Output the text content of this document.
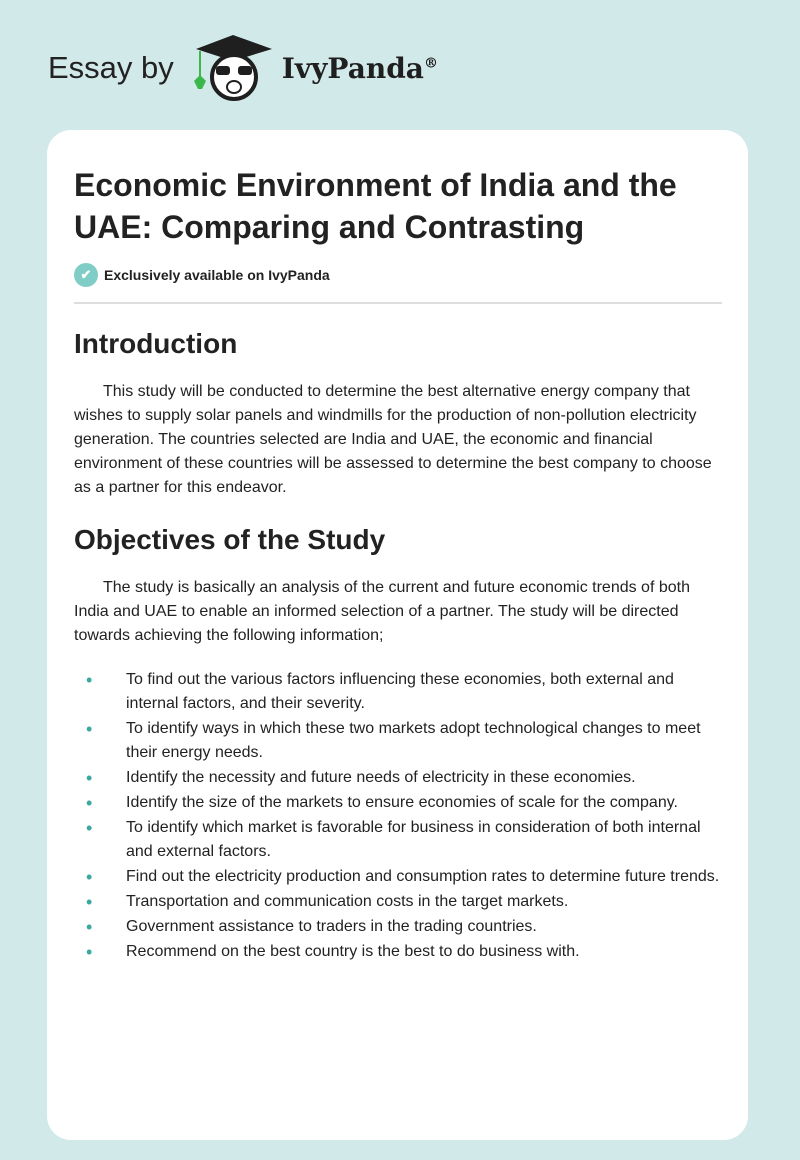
Essay by	IvyPanda®
Economic Environment of India and the UAE: Comparing and Contrasting
✔ Exclusively available on IvyPanda
Introduction

This study will be conducted to determine the best alternative energy company that wishes to supply solar panels and windmills for the production of non-pollution electricity generation. The countries selected are India and UAE, the economic and financial environment of these countries will be assessed to determine the best company to choose as a partner for this endeavor.

Objectives of the Study

The study is basically an analysis of the current and future economic trends of both India and UAE to enable an informed selection of a partner. The study will be directed towards achieving the following information;

• To find out the various factors influencing these economies, both external and internal factors, and their severity.
• To identify ways in which these two markets adopt technological changes to meet their energy needs.
• Identify the necessity and future needs of electricity in these economies.
• Identify the size of the markets to ensure economies of scale for the company.
• To identify which market is favorable for business in consideration of both internal and external factors.
• Find out the electricity production and consumption rates to determine future trends.
• Transportation and communication costs in the target markets.
• Government assistance to traders in the trading countries.
• Recommend on the best country is the best to do business with.
